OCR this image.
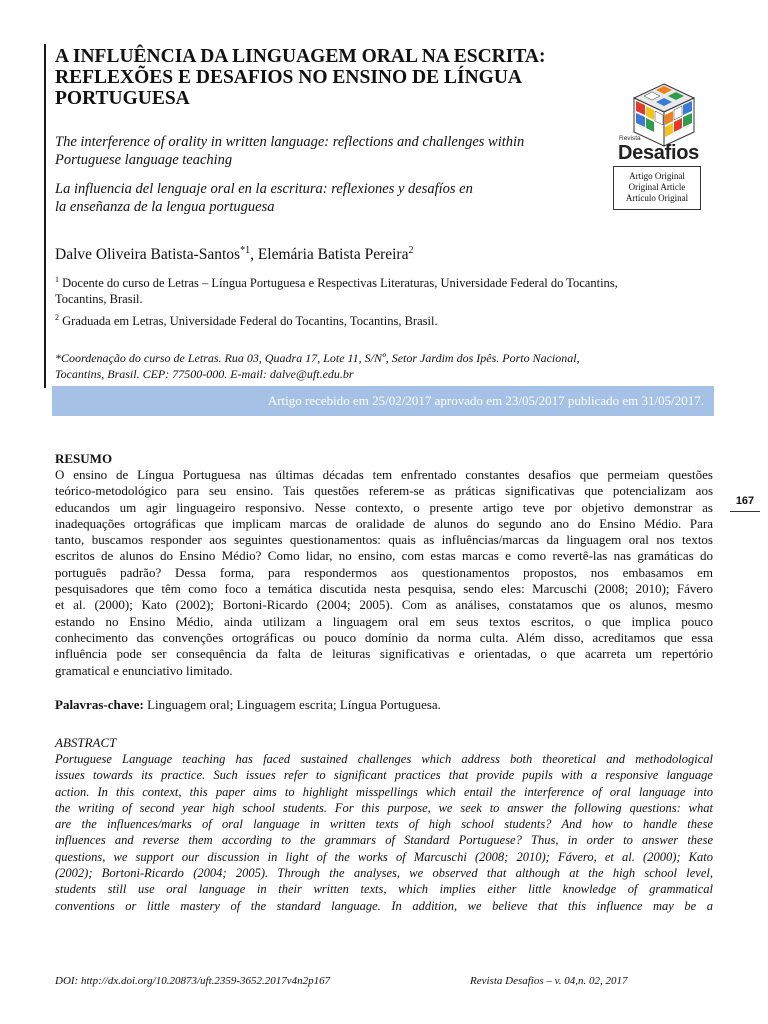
A INFLUÊNCIA DA LINGUAGEM ORAL NA ESCRITA:
REFLEXÕES E DESAFIOS NO ENSINO DE LÍNGUA
PORTUGUESA

The interference of orality in written language: reflections and challenges within
Portuguese language teaching

La influencia del lenguaje oral en la escritura: reflexiones y desafíos en
la enseñanza de la lengua portuguesa

Revista
Desafios
Artigo Original
Original Article
Artículo Original

Dalve Oliveira Batista-Santos$^{*1}$, Elemária Batista Pereira$^2$

$^1$ Docente do curso de Letras – Língua Portuguesa e Respectivas Literaturas, Universidade Federal do Tocantins,
Tocantins, Brasil.

$^2$ Graduada em Letras, Universidade Federal do Tocantins, Tocantins, Brasil.

*Coordenação do curso de Letras. Rua 03, Quadra 17, Lote 11, S/Nº, Setor Jardim dos Ipês. Porto Nacional,
Tocantins, Brasil. CEP: 77500-000. E-mail: dalve@uft.edu.br

Artigo recebido em 25/02/2017 aprovado em 23/05/2017 publicado em 31/05/2017.
167

RESUMO

O ensino de Língua Portuguesa nas últimas décadas tem enfrentado constantes desafios que permeiam questões
teórico-metodológico para seu ensino. Tais questões referem-se as práticas significativas que potencializam aos
educandos um agir linguageiro responsivo. Nesse contexto, o presente artigo teve por objetivo demonstrar as
inadequações ortográficas que implicam marcas de oralidade de alunos do segundo ano do Ensino Médio. Para
tanto, buscamos responder aos seguintes questionamentos: quais as influências/marcas da linguagem oral nos textos
escritos de alunos do Ensino Médio? Como lidar, no ensino, com estas marcas e como revertê-las nas gramáticas do
português padrão? Dessa forma, para respondermos aos questionamentos propostos, nos embasamos em
pesquisadores que têm como foco a temática discutida nesta pesquisa, sendo eles: Marcuschi (2008; 2010); Fávero
et al. (2000); Kato (2002); Bortoni-Ricardo (2004; 2005). Com as análises, constatamos que os alunos, mesmo
estando no Ensino Médio, ainda utilizam a linguagem oral em seus textos escritos, o que implica pouco
conhecimento das convenções ortográficas ou pouco domínio da norma culta. Além disso, acreditamos que essa
influência pode ser consequência da falta de leituras significativas e orientadas, o que acarreta um repertório
gramatical e enunciativo limitado.

Palavras-chave: Linguagem oral; Linguagem escrita; Língua Portuguesa.

ABSTRACT

Portuguese Language teaching has faced sustained challenges which address both theoretical and methodological
issues towards its practice. Such issues refer to significant practices that provide pupils with a responsive language
action. In this context, this paper aims to highlight misspellings which entail the interference of oral language into
the writing of second year high school students. For this purpose, we seek to answer the following questions: what
are the influences/marks of oral language in written texts of high school students? And how to handle these
influences and reverse them according to the grammars of Standard Portuguese? Thus, in order to answer these
questions, we support our discussion in light of the works of Marcuschi (2008; 2010); Fávero, et al. (2000); Kato
(2002); Bortoni-Ricardo (2004; 2005). Through the analyses, we observed that although at the high school level,
students still use oral language in their written texts, which implies either little knowledge of grammatical
conventions or little mastery of the standard language. In addition, we believe that this influence may be a

DOI: http://dx.doi.org/10.20873/uft.2359-3652.2017v4n2p167	Revista Desafios – v. 04,n. 02, 2017
